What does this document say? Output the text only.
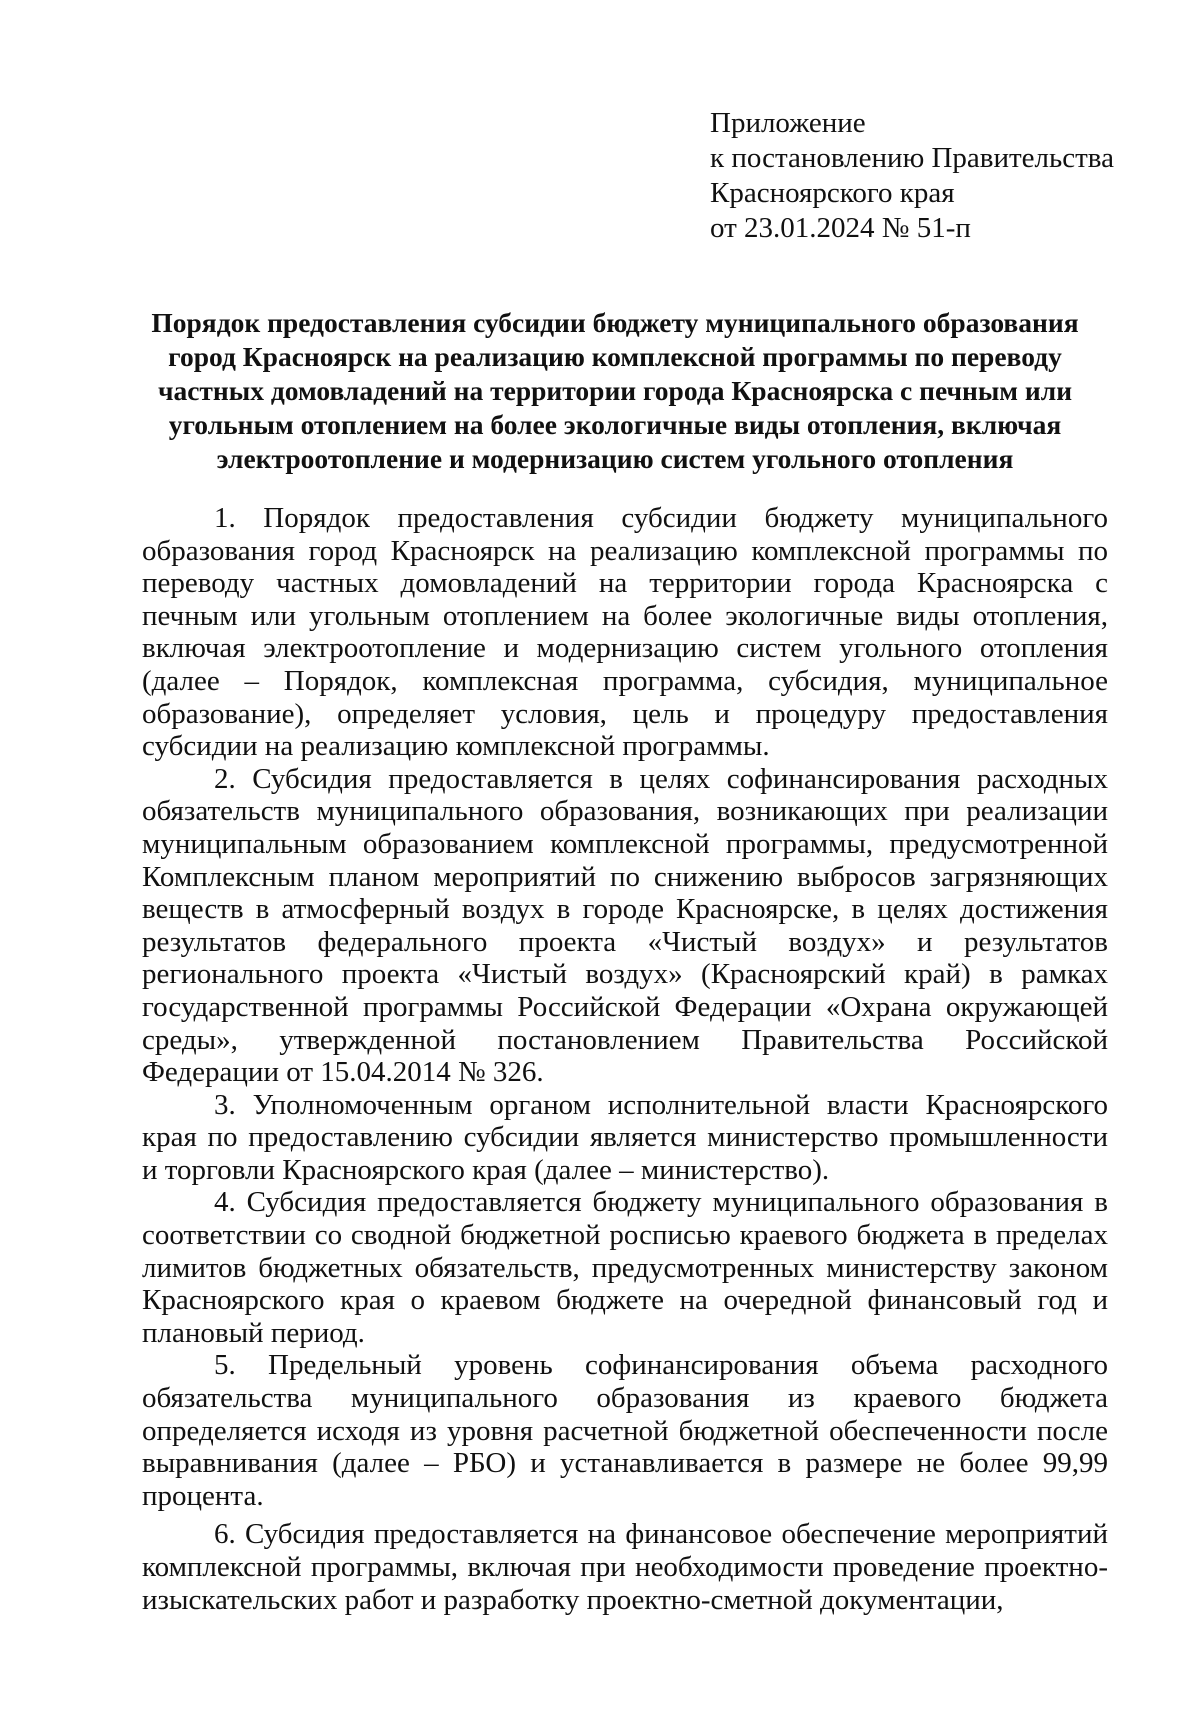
Приложение
к постановлению Правительства
Красноярского края
от 23.01.2024 № 51-п
Порядок предоставления субсидии бюджету муниципального образования
город Красноярск на реализацию комплексной программы по переводу
частных домовладений на территории города Красноярска с печным или
угольным отоплением на более экологичные виды отопления, включая
электроотопление и модернизацию систем угольного отопления

1. Порядок предоставления субсидии бюджету муниципального образования город Красноярск на реализацию комплексной программы по переводу частных домовладений на территории города Красноярска с печным или угольным отоплением на более экологичные виды отопления, включая электроотопление и модернизацию систем угольного отопления (далее – Порядок, комплексная программа, субсидия, муниципальное образование), определяет условия, цель и процедуру предоставления субсидии на реализацию комплексной программы.

2. Субсидия предоставляется в целях софинансирования расходных обязательств муниципального образования, возникающих при реализации муниципальным образованием комплексной программы, предусмотренной Комплексным планом мероприятий по снижению выбросов загрязняющих веществ в атмосферный воздух в городе Красноярске, в целях достижения результатов федерального проекта «Чистый воздух» и результатов регионального проекта «Чистый воздух» (Красноярский край) в рамках государственной программы Российской Федерации «Охрана окружающей среды», утвержденной постановлением Правительства Российской Федерации от 15.04.2014 № 326.

3. Уполномоченным органом исполнительной власти Красноярского края по предоставлению субсидии является министерство промышленности и торговли Красноярского края (далее – министерство).

4. Субсидия предоставляется бюджету муниципального образования в соответствии со сводной бюджетной росписью краевого бюджета в пределах лимитов бюджетных обязательств, предусмотренных министерству законом Красноярского края о краевом бюджете на очередной финансовый год и плановый период.

5. Предельный уровень софинансирования объема расходного обязательства муниципального образования из краевого бюджета определяется исходя из уровня расчетной бюджетной обеспеченности после выравнивания (далее – РБО) и устанавливается в размере не более 99,99 процента.

6. Субсидия предоставляется на финансовое обеспечение мероприятий комплексной программы, включая при необходимости проведение проектно-изыскательских работ и разработку проектно-сметной документации,
